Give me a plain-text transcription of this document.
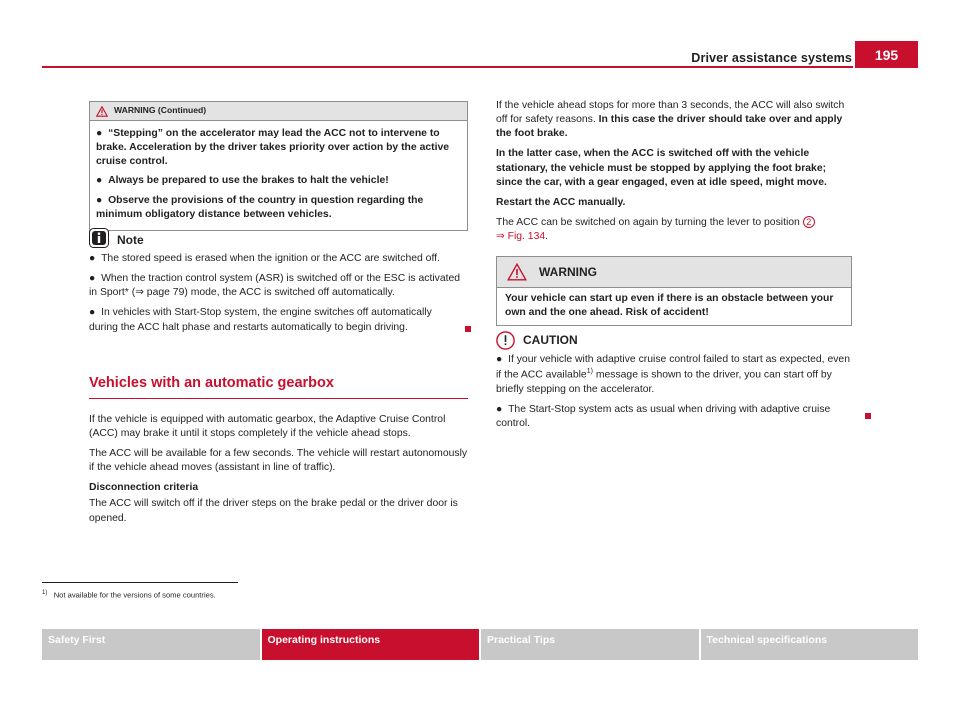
Driver assistance systems	195
WARNING (Continued)

●  “Stepping” on the accelerator may lead the ACC not to intervene to brake. Acceleration by the driver takes priority over action by the active cruise control.

●  Always be prepared to use the brakes to halt the vehicle!

●  Observe the provisions of the country in question regarding the minimum obligatory distance between vehicles.

Note

●  The stored speed is erased when the ignition or the ACC are switched off.

●  When the traction control system (ASR) is switched off or the ESC is activated in Sport* (⇒ page 79) mode, the ACC is switched off automatically.

●  In vehicles with Start-Stop system, the engine switches off automatically during the ACC halt phase and restarts automatically to begin driving.

Vehicles with an automatic gearbox

If the vehicle is equipped with automatic gearbox, the Adaptive Cruise Control (ACC) may brake it until it stops completely if the vehicle ahead stops.

The ACC will be available for a few seconds. The vehicle will restart autonomously if the vehicle ahead moves (assistant in line of traffic).

Disconnection criteria

The ACC will switch off if the driver steps on the brake pedal or the driver door is opened.

If the vehicle ahead stops for more than 3 seconds, the ACC will also switch off for safety reasons. In this case the driver should take over and apply the foot brake.

In the latter case, when the ACC is switched off with the vehicle stationary, the vehicle must be stopped by applying the foot brake; since the car, with a gear engaged, even at idle speed, might move.

Restart the ACC manually.

The ACC can be switched on again by turning the lever to position 2
⇒ Fig. 134.

WARNING
Your vehicle can start up even if there is an obstacle between your own and the one ahead. Risk of accident!
CAUTION

●  If your vehicle with adaptive cruise control failed to start as expected, even if the ACC available$^{1)}$ message is shown to the driver, you can start off by briefly stepping on the accelerator.

●  The Start-Stop system acts as usual when driving with adaptive cruise control.

$^{1)}$ Not available for the versions of some countries.
Safety First	Operating instructions	Practical Tips	Technical specifications
